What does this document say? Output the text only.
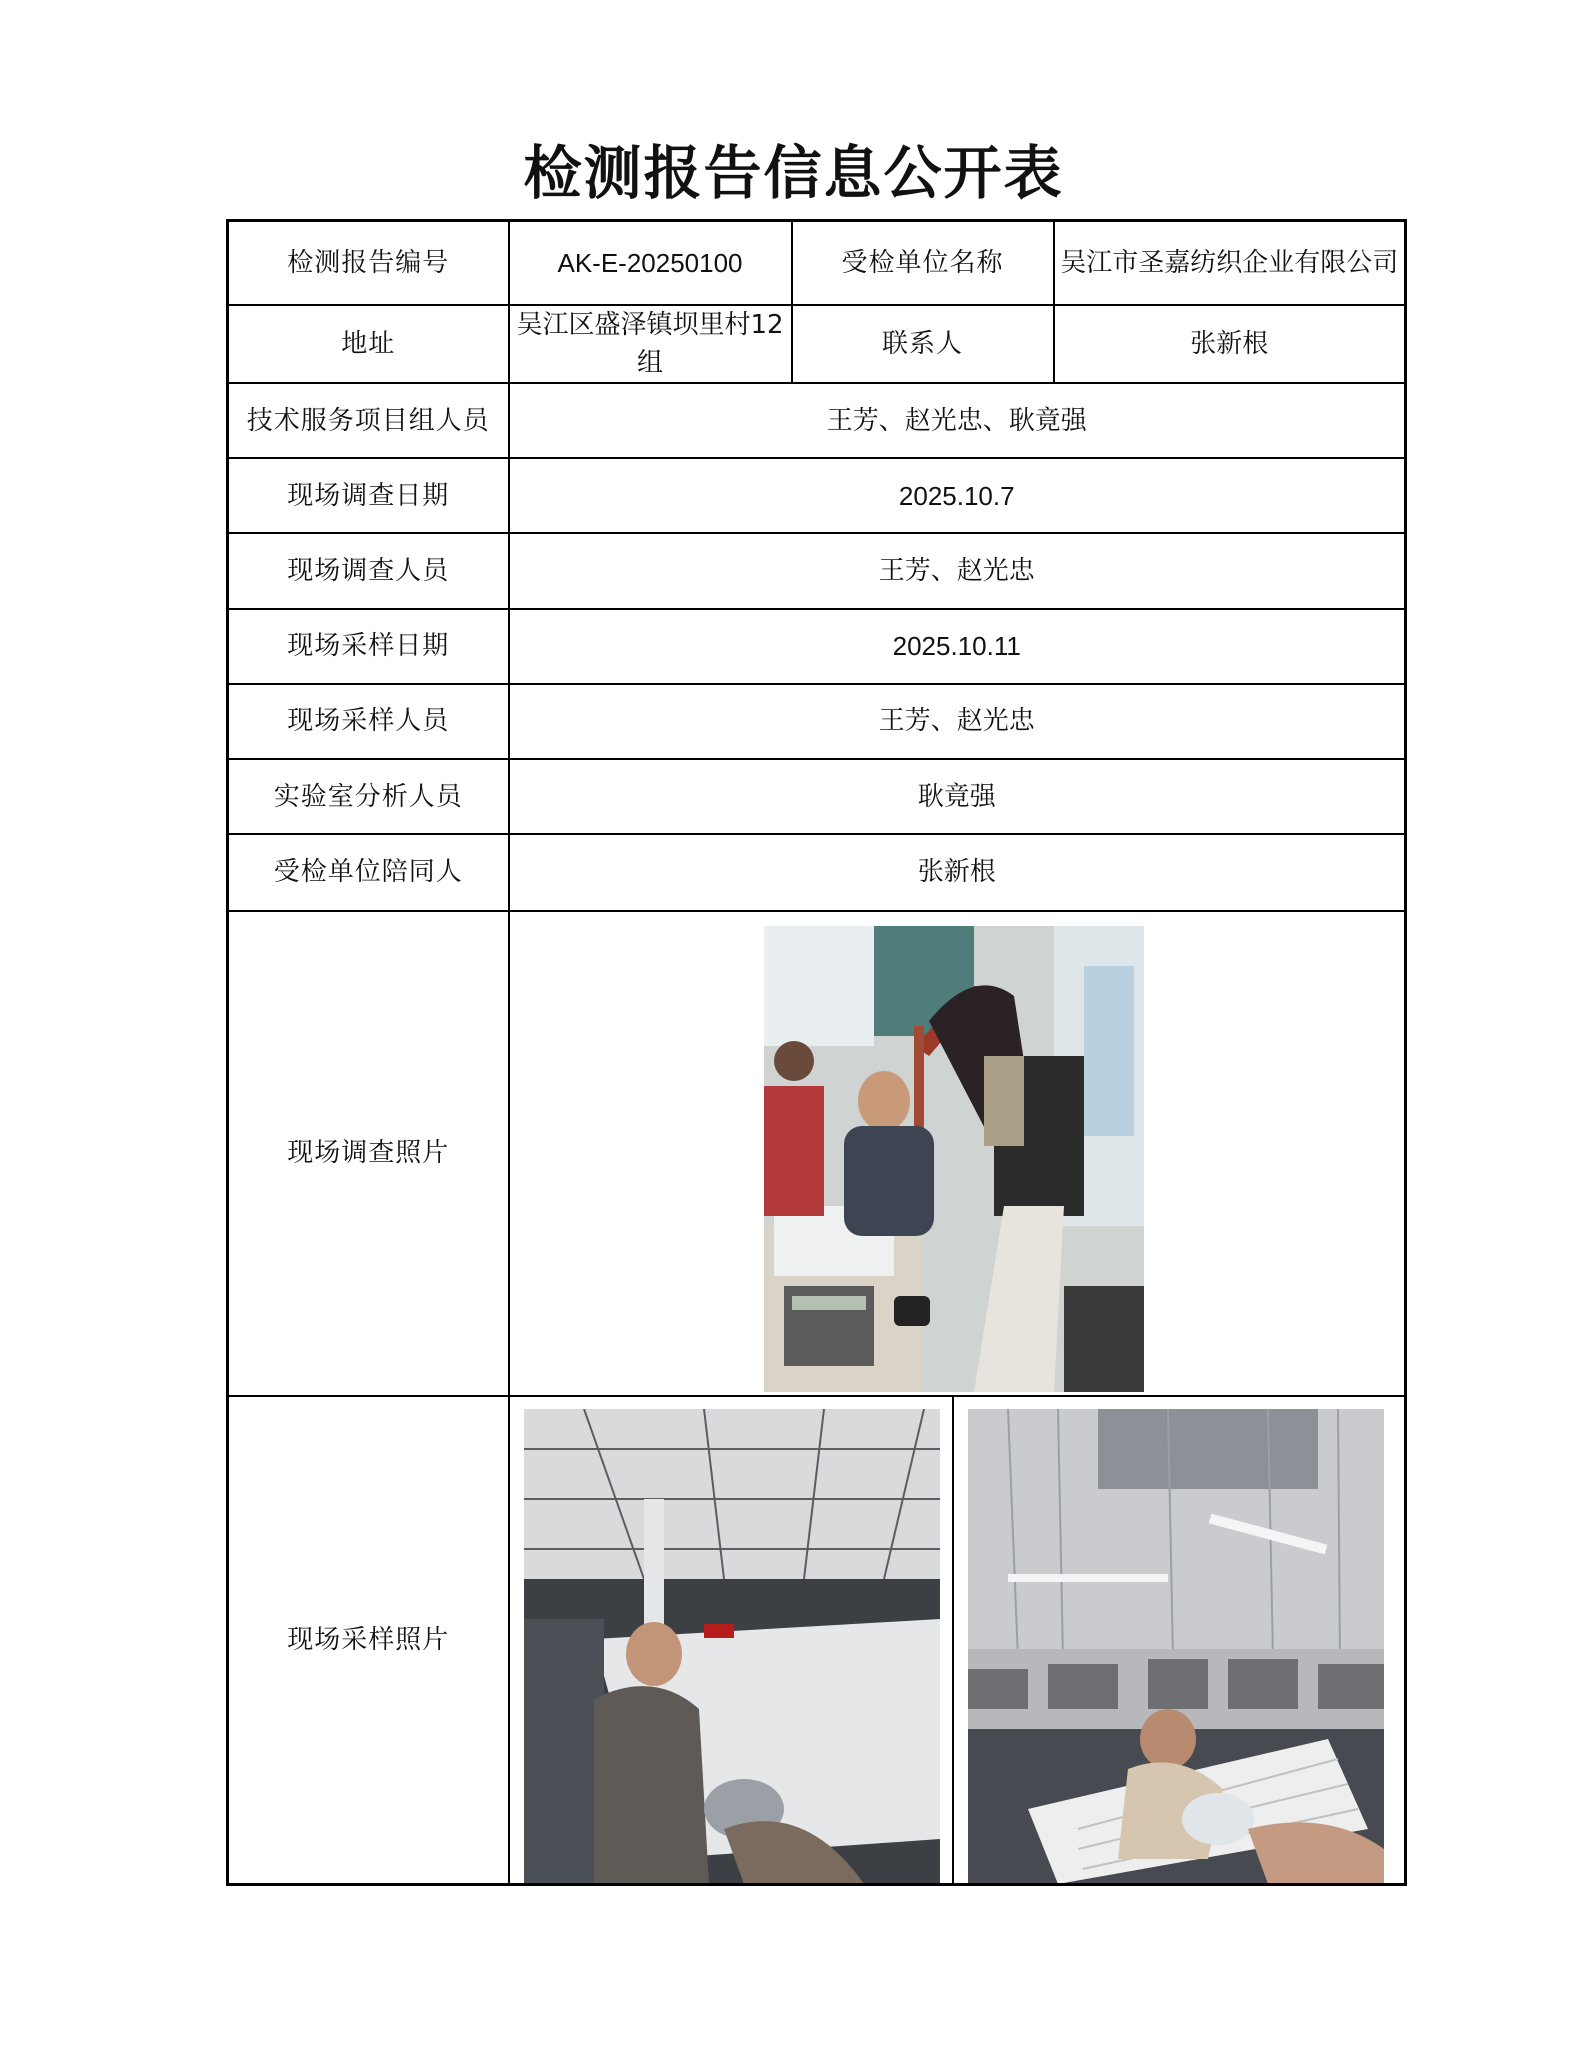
检测报告信息公开表
检测报告编号	AK-E-20250100	受检单位名称	吴江市圣嘉纺织企业有限公司
地址	吴江区盛泽镇坝里村12组	联系人	张新根
技术服务项目组人员	王芳、赵光忠、耿竟强		
现场调查日期	2025.10.7		
现场调查人员	王芳、赵光忠		
现场采样日期	2025.10.11		
现场采样人员	王芳、赵光忠		
实验室分析人员	耿竟强		
受检单位陪同人	张新根		
现场调查照片	

现场采样照片	
